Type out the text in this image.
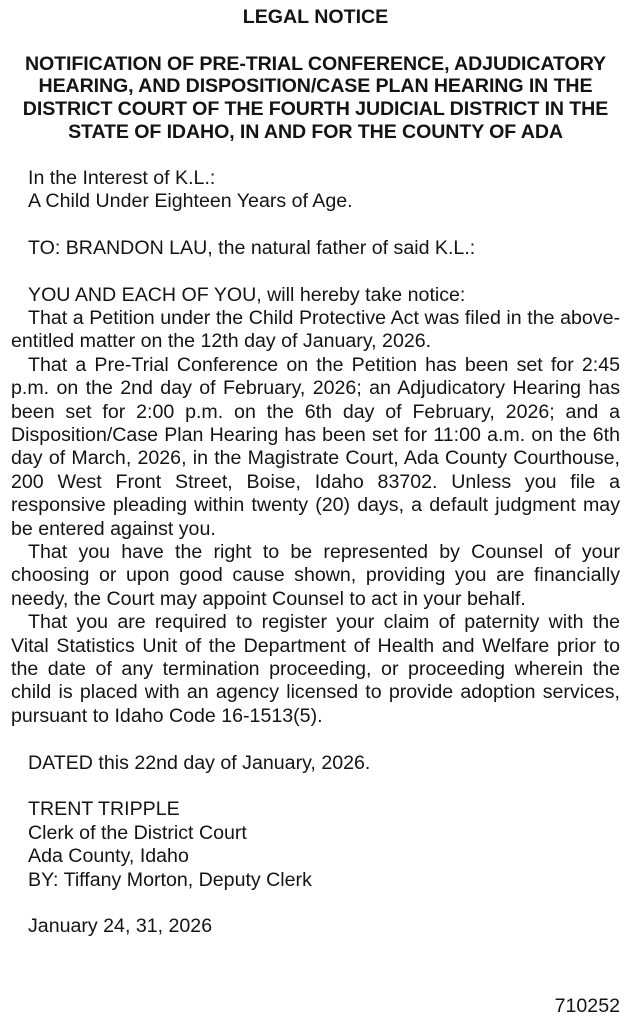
LEGAL NOTICE

NOTIFICATION OF PRE-TRIAL CONFERENCE, ADJUDICATORY HEARING, AND DISPOSITION/CASE PLAN HEARING IN THE DISTRICT COURT OF THE FOURTH JUDICIAL DISTRICT IN THE STATE OF IDAHO, IN AND FOR THE COUNTY OF ADA

In the Interest of K.L.:

A Child Under Eighteen Years of Age.

TO: BRANDON LAU, the natural father of said K.L.:

YOU AND EACH OF YOU, will hereby take notice:

That a Petition under the Child Protective Act was filed in the above-entitled matter on the 12th day of January, 2026.

That a Pre-Trial Conference on the Petition has been set for 2:45 p.m. on the 2nd day of February, 2026; an Adjudicatory Hearing has been set for 2:00 p.m. on the 6th day of February, 2026; and a Disposition/Case Plan Hearing has been set for 11:00 a.m. on the 6th day of March, 2026, in the Magistrate Court, Ada County Courthouse, 200 West Front Street, Boise, Idaho 83702. Unless you file a responsive pleading within twenty (20) days, a default judgment may be entered against you.

That you have the right to be represented by Counsel of your choosing or upon good cause shown, providing you are financially needy, the Court may appoint Counsel to act in your behalf.

That you are required to register your claim of paternity with the Vital Statistics Unit of the Department of Health and Welfare prior to the date of any termination proceeding, or proceeding wherein the child is placed with an agency licensed to provide adoption services, pursuant to Idaho Code 16-1513(5).

DATED this 22nd day of January, 2026.

TRENT TRIPPLE

Clerk of the District Court

Ada County, Idaho

BY: Tiffany Morton, Deputy Clerk

January 24, 31, 2026

710252
